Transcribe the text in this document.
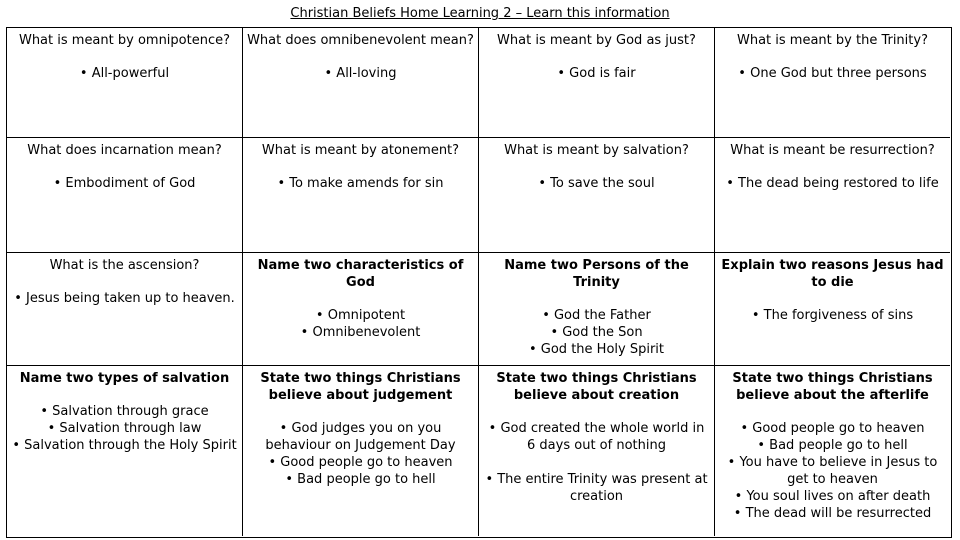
Christian Beliefs Home Learning 2 – Learn this information
What is meant by omnipotence?
• All-powerful
What does omnibenevolent mean?
• All-loving
What is meant by God as just?
• God is fair
What is meant by the Trinity?
• One God but three persons
What does incarnation mean?
• Embodiment of God
What is meant by atonement?
• To make amends for sin
What is meant by salvation?
• To save the soul
What is meant be resurrection?
• The dead being restored to life
What is the ascension?
• Jesus being taken up to heaven.
Name two characteristics of God
• Omnipotent
• Omnibenevolent
Name two Persons of the Trinity
• God the Father
• God the Son
• God the Holy Spirit
Explain two reasons Jesus had to die
• The forgiveness of sins
Name two types of salvation
• Salvation through grace
• Salvation through law
• Salvation through the Holy Spirit
State two things Christians believe about judgement
• God judges you on you behaviour on Judgement Day
• Good people go to heaven
• Bad people go to hell
State two things Christians believe about creation
• God created the whole world in 6 days out of nothing
• The entire Trinity was present at creation
State two things Christians believe about the afterlife
• Good people go to heaven
• Bad people go to hell
• You have to believe in Jesus to get to heaven
• You soul lives on after death
• The dead will be resurrected
